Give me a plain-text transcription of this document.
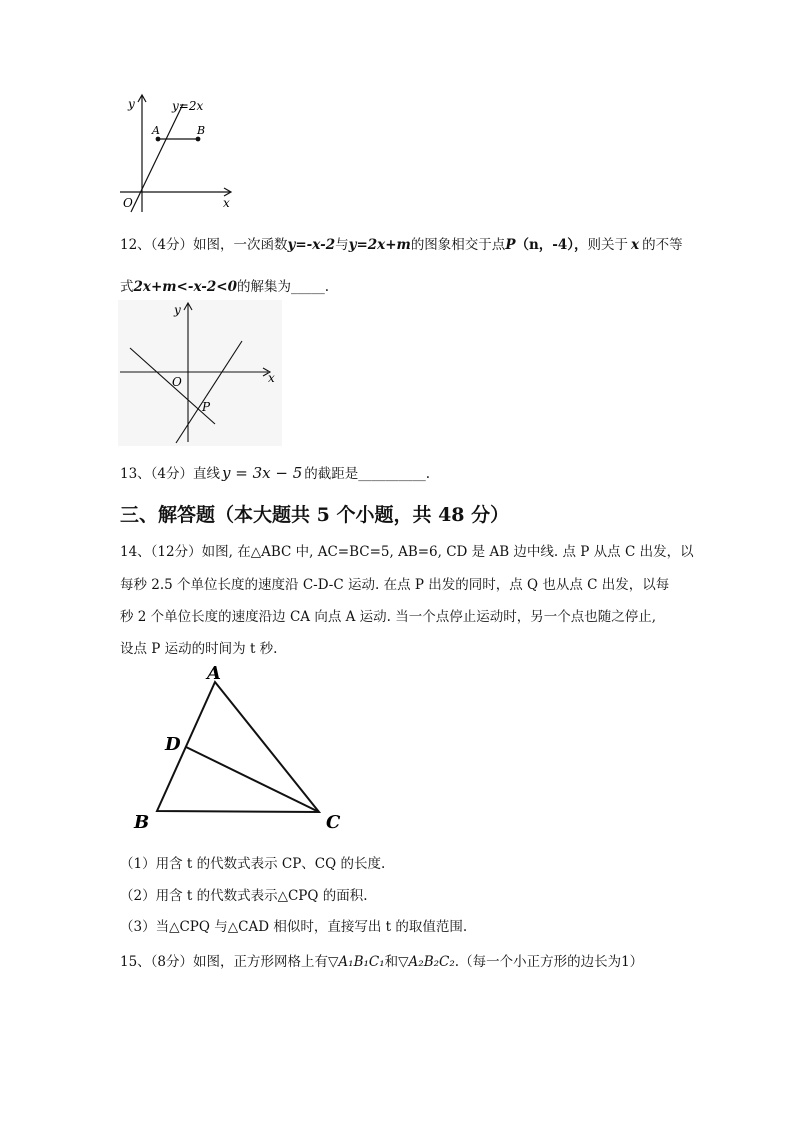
y	y=2x
A	B
O	x
12、（4分）如图，一次函数y=-x-2与y=2x+m的图象相交于点P（n，-4），则关于 x 的不等
式2x+m<-x-2<0的解集为_____.
y
O	x
P
13、（4分）直线 y = 3x − 5 的截距是__________.
三、解答题（本大题共 5 个小题，共 48 分）
14、（12分）如图, 在△ABC 中, AC=BC=5, AB=6, CD 是 AB 边中线. 点 P 从点 C 出发，以
每秒 2.5 个单位长度的速度沿 C-D-C 运动. 在点 P 出发的同时，点 Q 也从点 C 出发，以每
秒 2 个单位长度的速度沿边 CA 向点 A 运动. 当一个点停止运动时，另一个点也随之停止,
设点 P 运动的时间为 t 秒.
A
D
B	C
（1）用含 t 的代数式表示 CP、CQ 的长度.
（2）用含 t 的代数式表示△CPQ 的面积.
（3）当△CPQ 与△CAD 相似时，直接写出 t 的取值范围.
15、（8分）如图，正方形网格上有▽A₁B₁C₁和▽A₂B₂C₂.（每一个小正方形的边长为1）
